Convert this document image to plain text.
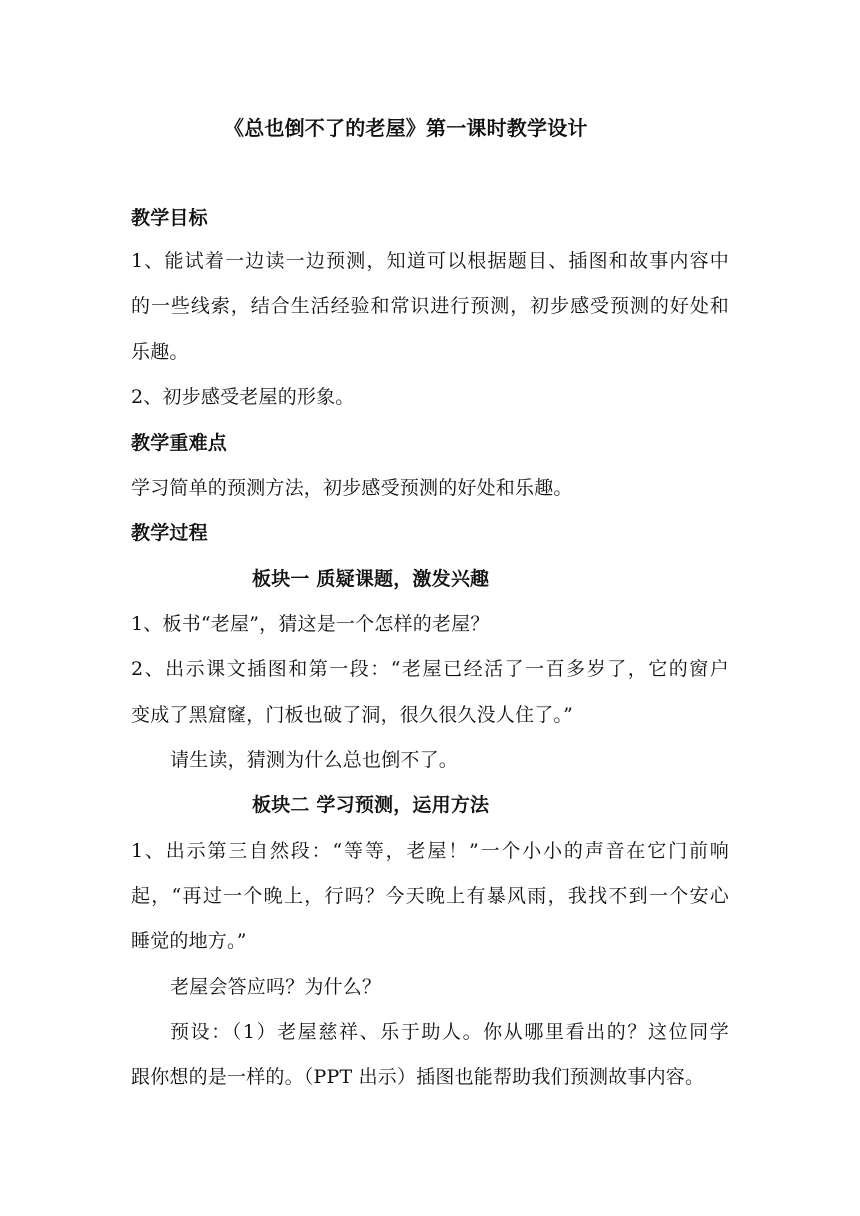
《总也倒不了的老屋》第一课时教学设计
教学目标
1、能试着一边读一边预测，知道可以根据题目、插图和故事内容中
的一些线索，结合生活经验和常识进行预测，初步感受预测的好处和
乐趣。
2、初步感受老屋的形象。
教学重难点
学习简单的预测方法，初步感受预测的好处和乐趣。
教学过程
板块一 质疑课题，激发兴趣
1、板书“老屋”，猜这是一个怎样的老屋？
2、出示课文插图和第一段：“老屋已经活了一百多岁了，它的窗户
变成了黑窟窿，门板也破了洞，很久很久没人住了。”
请生读，猜测为什么总也倒不了。
板块二 学习预测，运用方法
1、出示第三自然段：“等等，老屋！”一个小小的声音在它门前响
起，“再过一个晚上，行吗？今天晚上有暴风雨，我找不到一个安心
睡觉的地方。”
老屋会答应吗？为什么？
预设：（1）老屋慈祥、乐于助人。你从哪里看出的？这位同学
跟你想的是一样的。（PPT 出示）插图也能帮助我们预测故事内容。
